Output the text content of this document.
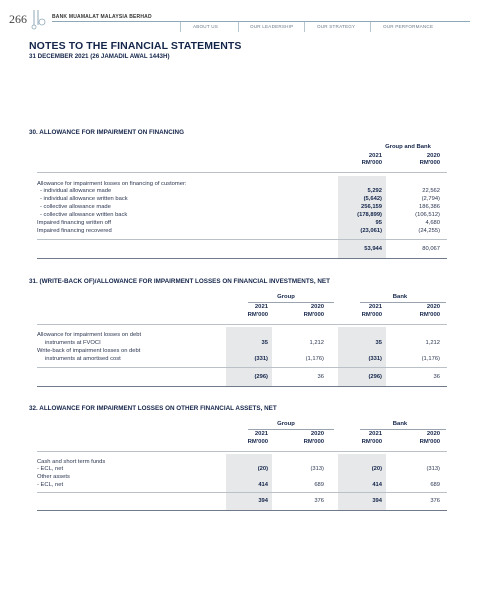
266	BANK MUAMALAT MALAYSIA BERHAD
ABOUT US	OUR LEADERSHIP	OUR STRATEGY	OUR PERFORMANCE
NOTES TO THE FINANCIAL STATEMENTS
31 DECEMBER 2021 (26 JAMADIL AWAL 1443H)
30. ALLOWANCE FOR IMPAIRMENT ON FINANCING
Group and Bank
2021	2020
RM'000	RM'000
Allowance for impairment losses on financing of customer:
- individual allowance made	5,292	22,562
- individual allowance written back	(5,642)	(2,794)
- collective allowance made	256,159	186,386
- collective allowance written back	(178,899)	(106,512)
Impaired financing written off	95	4,680
Impaired financing recovered	(23,061)	(24,255)
53,944	80,067
31. (WRITE-BACK OF)/ALLOWANCE FOR IMPAIRMENT LOSSES ON FINANCIAL INVESTMENTS, NET
Group	Bank
2021	2020	2021	2020
RM'000	RM'000	RM'000	RM'000
Allowance for impairment losses on debt
instruments at FVOCI	35	1,212	35	1,212
Write-back of impairment losses on debt
instruments at amortised cost	(331)	(1,176)	(331)	(1,176)
(296)	36	(296)	36
32. ALLOWANCE FOR IMPAIRMENT LOSSES ON OTHER FINANCIAL ASSETS, NET
Group	Bank
2021	2020	2021	2020
RM'000	RM'000	RM'000	RM'000
Cash and short term funds
- ECL, net	(20)	(313)	(20)	(313)
Other assets
- ECL, net	414	689	414	689
394	376	394	376
